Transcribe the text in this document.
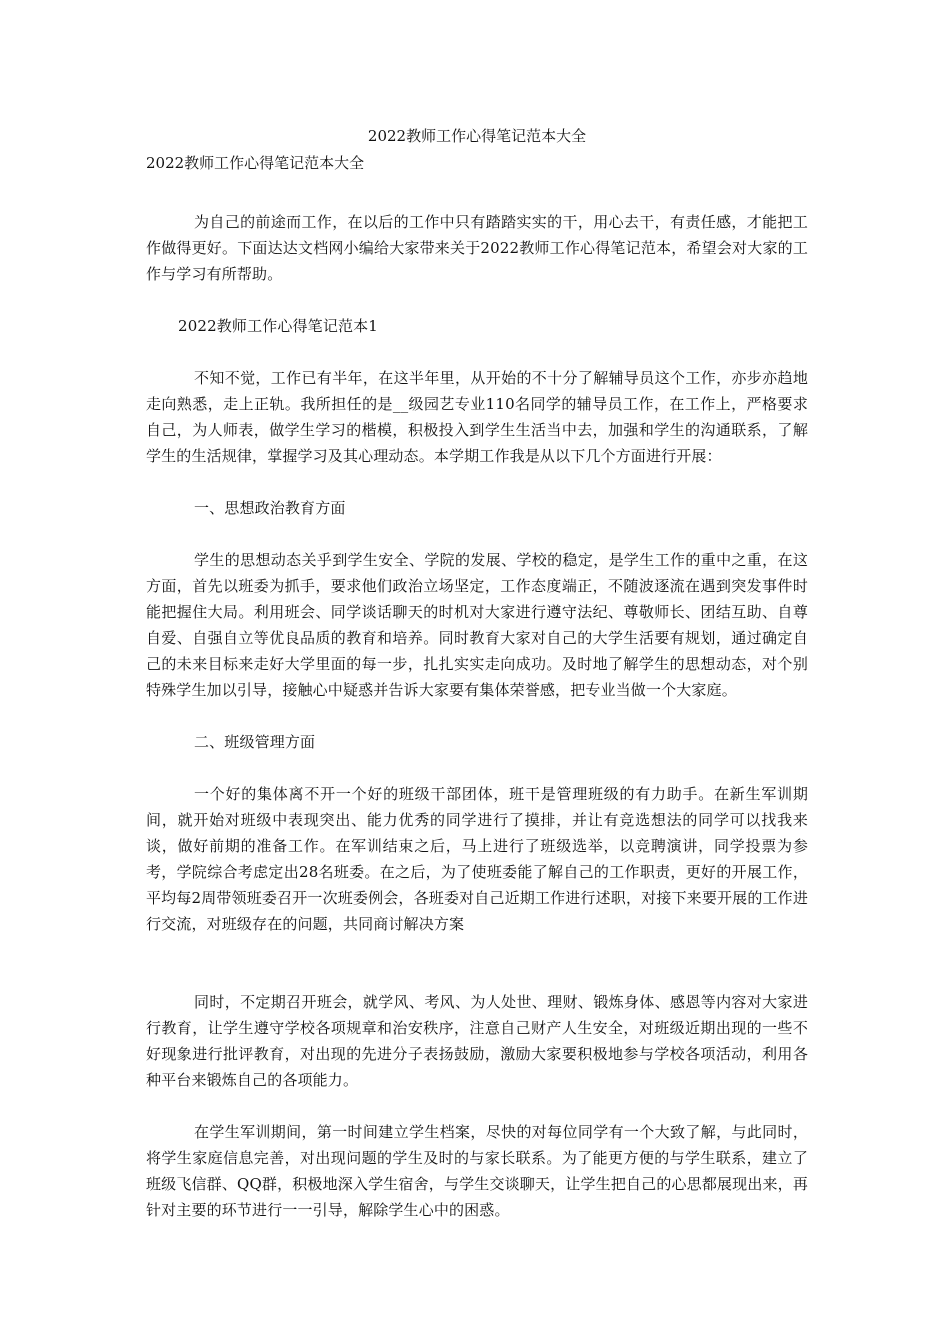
2022教师工作心得笔记范本大全
2022教师工作心得笔记范本大全

为自己的前途而工作，在以后的工作中只有踏踏实实的干，用心去干，有责任感，才能把工作做得更好。下面达达文档网小编给大家带来关于2022教师工作心得笔记范本，希望会对大家的工作与学习有所帮助。

2022教师工作心得笔记范本1

不知不觉，工作已有半年，在这半年里，从开始的不十分了解辅导员这个工作，亦步亦趋地走向熟悉，走上正轨。我所担任的是__级园艺专业110名同学的辅导员工作，在工作上，严格要求自己，为人师表，做学生学习的楷模，积极投入到学生生活当中去，加强和学生的沟通联系，了解学生的生活规律，掌握学习及其心理动态。本学期工作我是从以下几个方面进行开展：

一、思想政治教育方面

学生的思想动态关乎到学生安全、学院的发展、学校的稳定，是学生工作的重中之重，在这方面，首先以班委为抓手，要求他们政治立场坚定，工作态度端正，不随波逐流在遇到突发事件时能把握住大局。利用班会、同学谈话聊天的时机对大家进行遵守法纪、尊敬师长、团结互助、自尊自爱、自强自立等优良品质的教育和培养。同时教育大家对自己的大学生活要有规划，通过确定自己的未来目标来走好大学里面的每一步，扎扎实实走向成功。及时地了解学生的思想动态，对个别特殊学生加以引导，接触心中疑惑并告诉大家要有集体荣誉感，把专业当做一个大家庭。

二、班级管理方面

一个好的集体离不开一个好的班级干部团体，班干是管理班级的有力助手。在新生军训期间，就开始对班级中表现突出、能力优秀的同学进行了摸排，并让有竞选想法的同学可以找我来谈，做好前期的准备工作。在军训结束之后，马上进行了班级选举，以竞聘演讲，同学投票为参考，学院综合考虑定出28名班委。在之后，为了使班委能了解自己的工作职责，更好的开展工作，平均每2周带领班委召开一次班委例会，各班委对自己近期工作进行述职，对接下来要开展的工作进行交流，对班级存在的问题，共同商讨解决方案

同时，不定期召开班会，就学风、考风、为人处世、理财、锻炼身体、感恩等内容对大家进行教育，让学生遵守学校各项规章和治安秩序，注意自己财产人生安全，对班级近期出现的一些不好现象进行批评教育，对出现的先进分子表扬鼓励，激励大家要积极地参与学校各项活动，利用各种平台来锻炼自己的各项能力。

在学生军训期间，第一时间建立学生档案，尽快的对每位同学有一个大致了解，与此同时，将学生家庭信息完善，对出现问题的学生及时的与家长联系。为了能更方便的与学生联系，建立了班级飞信群、QQ群，积极地深入学生宿舍，与学生交谈聊天，让学生把自己的心思都展现出来，再针对主要的环节进行一一引导，解除学生心中的困惑。
